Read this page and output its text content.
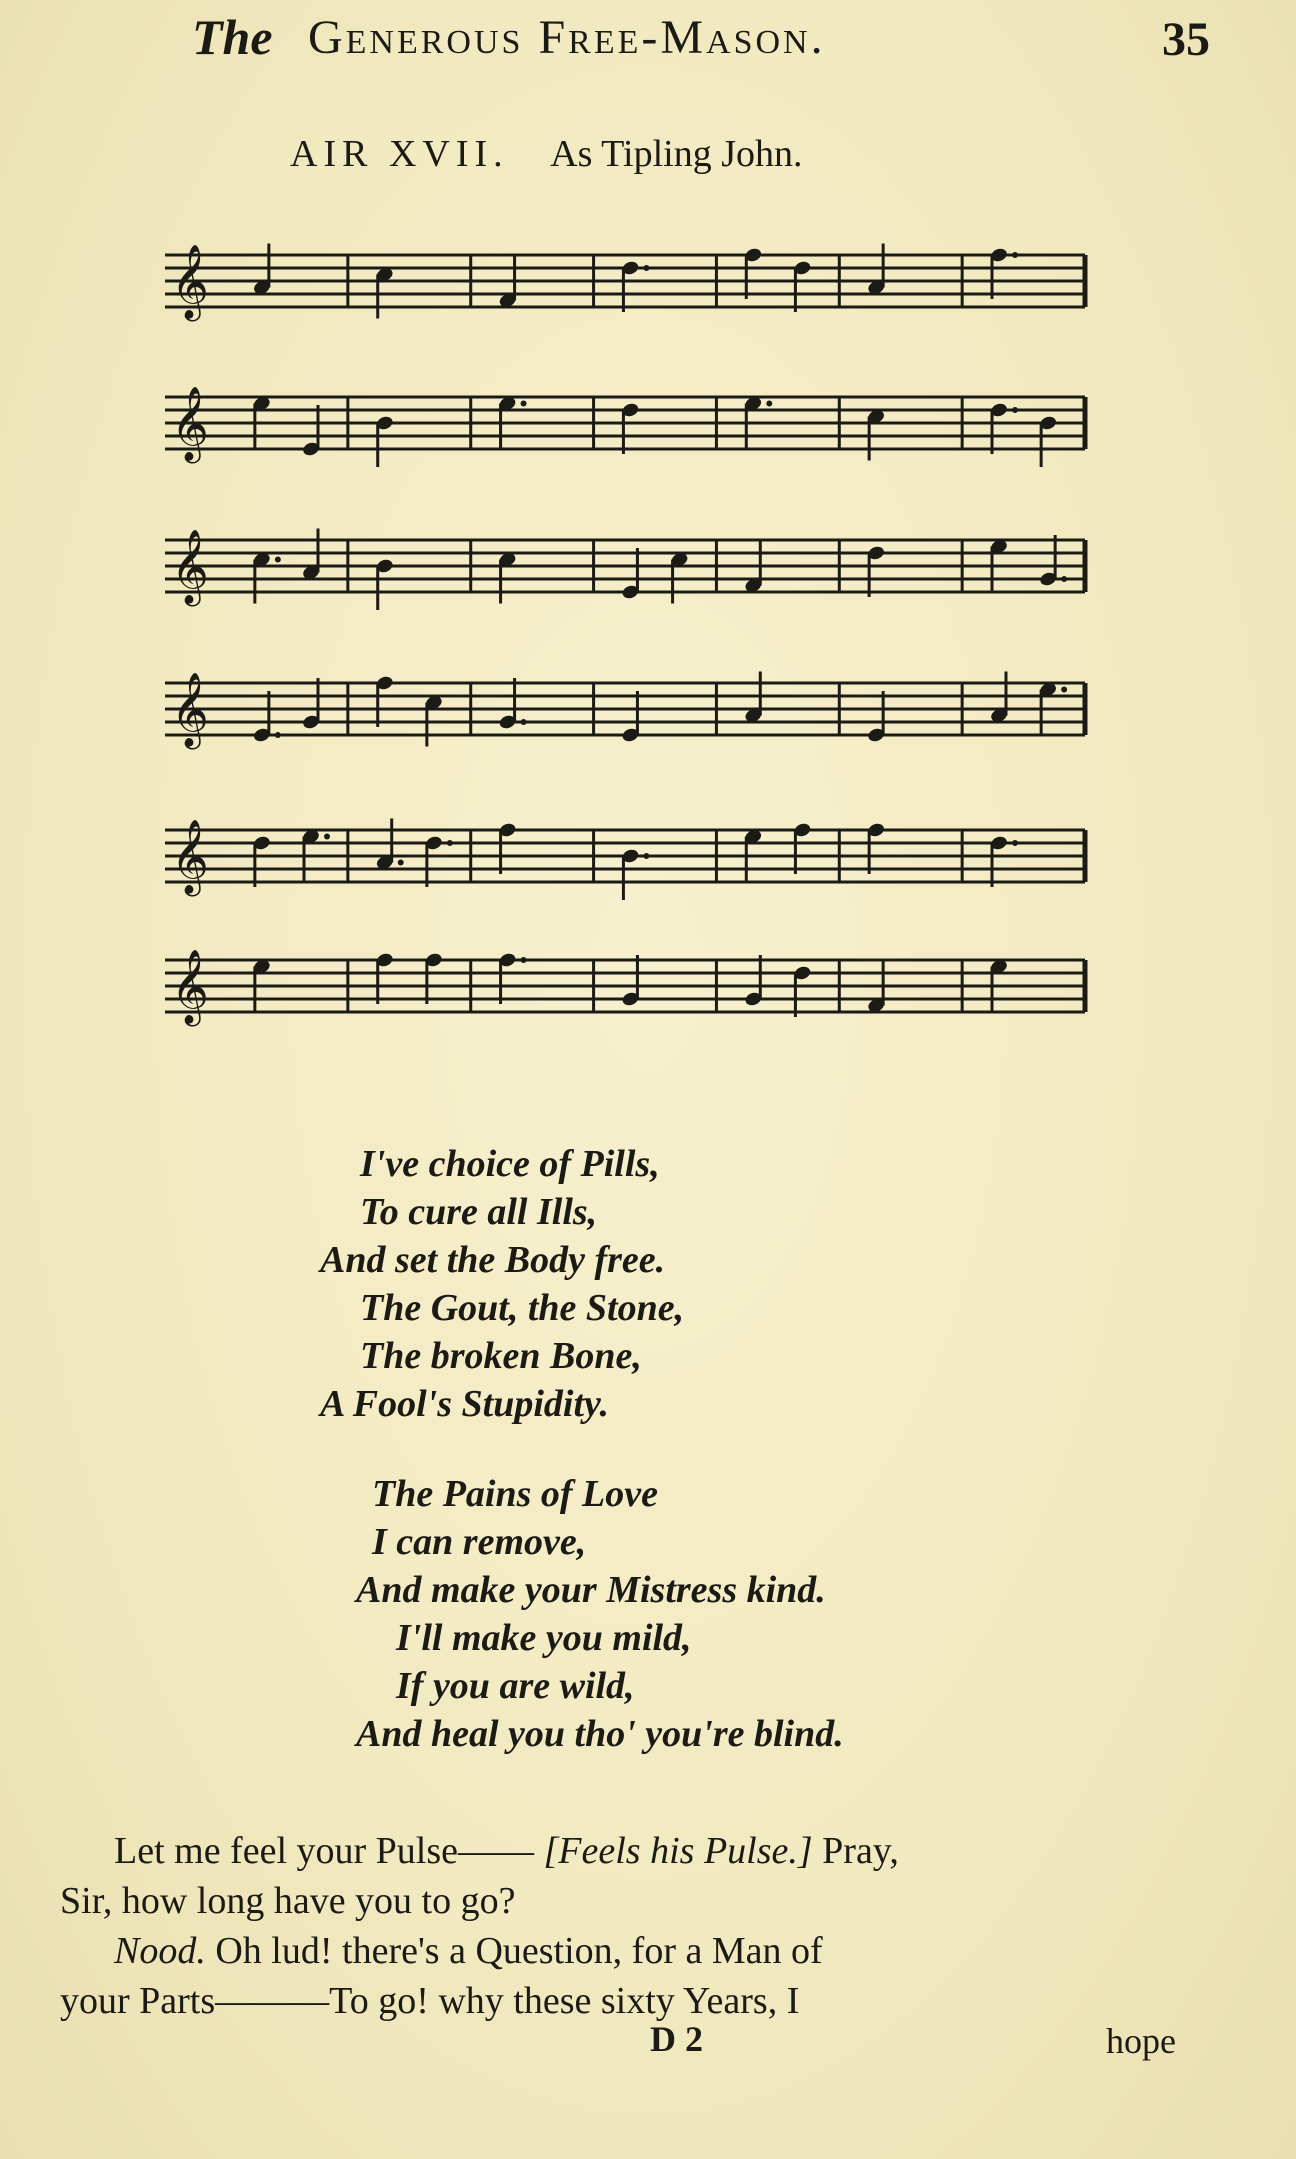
The Generous Free-Mason.	35
AIR XVII. As Tipling John.
𝄞
𝄞
𝄞
𝄞
𝄞
𝄞
I've choice of Pills,
To cure all Ills,
And set the Body free.
The Gout, the Stone,
The broken Bone,
A Fool's Stupidity.
The Pains of Love
I can remove,
And make your Mistress kind.
I'll make you mild,
If you are wild,
And heal you tho' you're blind.
Let me feel your Pulse—— [Feels his Pulse.] Pray,
Sir, how long have you to go?
Nood. Oh lud! there's a Question, for a Man of
your Parts———To go! why these sixty Years, I
D 2	hope
